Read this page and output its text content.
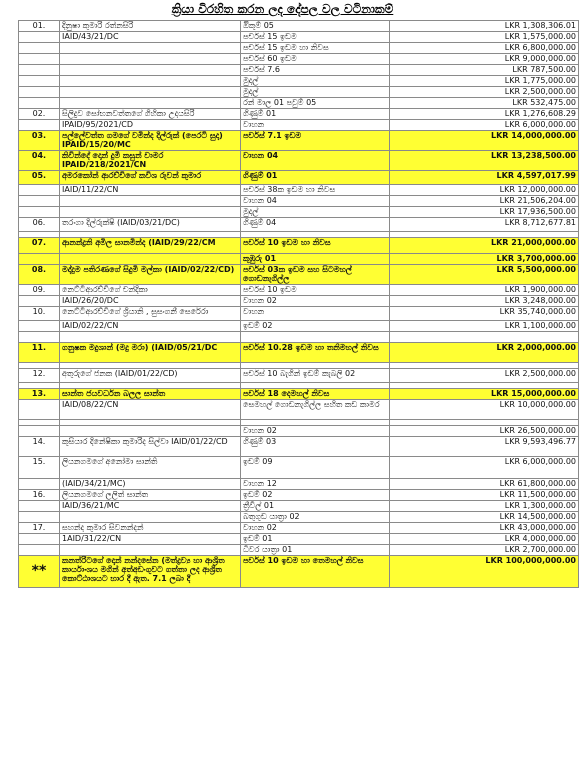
ක්‍රියා විරහිත කරන ලද දේපල වල වටිනාකම්
01.	දිනුෂා කුමාරි රත්නසිරි	ඔිකුම් 05	LKR 1,308,306.01
	IAID/43/21/DC	පර්චස් 15 ඉඩම	LKR 1,575,000.00
		පර්චස් 15 ඉඩම හා නිවස	LKR 6,800,000.00
		පර්චස් 60 ඉඩම	LKR 9,000,000.00
		පර්චස් 7.6	LKR 787,500.00
		මුදල්	LKR 1,775,000.00
		මුදල්	LKR 2,500,000.00
		රන් මාල 01 පවුම් 05	LKR 532,475.00
02.	සිලිදුව සෝභනවත්තගේ ගිහිකා උදයසිරි	ගිණුම් 01	LKR 1,276,608.29
	IPAID/95/2021/CD	වාහන	LKR 6,000,000.00
03.	පල්ලේවත්ත ගමගේ වමින්ද දිල්රුක් (පෙරටි සුදා) IPAID/15/20/MC	පර්චස් 7.1 ඉඩම	LKR 14,000,000.00
04.	කිවින්දේ දොන් දුමි කසුන් චාමර IPAID/218/2021/CN	වාහන 04	LKR 13,238,500.00
05.	අමරකෝන් ආරච්චිගේ කවිශ රුවන් කුමාර	ගිණුම් 01	LKR 4,597,017.99
	IAID/11/22/CN	පර්චස් 38ක ඉඩම හා නිවස	LKR 12,000,000.00
		වාහන 04	LKR 21,506,204.00
		මුදල්	LKR 17,936,500.00
06.	තරංගා දිල්රුක්ෂි (IAID/03/21/DC)	ගිණුම් 04	LKR 8,712,677.81

07.	ආනන්ද්‍රනි අමිල සානමින්ද (IAID/29/22/CM	පර්චස් 10 ඉඩම හා නිවස	LKR 21,000,000.00
		කුඹුරු 01	LKR 3,700,000.00
08.	මද්දුම පතිරණගේ සිදුමි මල්කා (IAID/02/22/CD)	පර්චස් 03ක ඉඩම සහ සිටමහල් ගොඩනැගිල්ල	LKR 5,500,000.00
09.	නෙට්ටිආරච්චිගේ චන්දිකා	පර්චස් 10 ඉඩම	LKR 1,900,000.00
	IAID/26/20/DC	වාහන 02	LKR 3,248,000.00
10.	නෙට්ටිආරච්චිගේ ශ්‍රියානි , සුසංගනී සෙරේරා	වාහන	LKR 35,740,000.00
	IAID/02/22/CN	ඉඩම් 02	LKR 1,100,000.00

11.	ගනුෂක මදුශාන් (මදු මරා) (IAID/05/21/DC	පර්චස් 10.28 ඉඩම හා තනිමහල් නිවස	LKR 2,000,000.00

12.	අතුරුගේ ජනක (IAID/01/22/CD)	පර්චස් 10 බැගින් ඉඩම් කැබලි 02	LKR 2,500,000.00

13.	සාන්ත ජයවර්ධන බලල සාන්ත	පර්චස් 18 දෙමහල් නිවස	LKR 15,000,000.00
	IAID/08/22/CN	සෙමහල් ගොඩනැගිල්ල සහිත කඩ කාමර	LKR 10,000,000.00

		වාහන 02	LKR 26,500,000.00
14.	කුසියාර දිනේෂිකා කුමාරිද සිල්වා IAID/01/22/CD	ගිණුම් 03	LKR 9,593,496.77
15.	ලියනගමගේ අනෝමා සාන්ති	ඉඩම් 09	LKR 6,000,000.00
	(IAID/34/21/MC)	වාහන 12	LKR 61,800,000.00
16.	ලියනගමගේ ලලිත් සාන්ත	ඉඩම් 02	LKR 11,500,000.00
	IAID/36/21/MC	ත්‍රීවීල් 01	LKR 1,300,000.00
		බතුගුඩ යාත්‍රා 02	LKR 14,500,000.00
17.	සහන්ද කුමාර සිවනන්දන්	වාහන 02	LKR 43,000,000.00
	1AID/31/22/CN	ඉඩම් 01	LKR 4,000,000.00
		ධීවර යාත්‍රා 01	LKR 2,700,000.00
**	කනත්රිටගේ දොන් නන්දසේන (මත්ද්‍රව්‍ය හා ආශ්‍රිත කාර්යාංශය මගින් අත්අඩංගුවට ගත්තා ලද ආශ්‍රිත කොට්ඨාශයට භාර දී ඇත. 7.1 ලබා දී	පර්චස් 10 ඉඩම හා තෙමහල් නිවස	LKR 100,000,000.00
